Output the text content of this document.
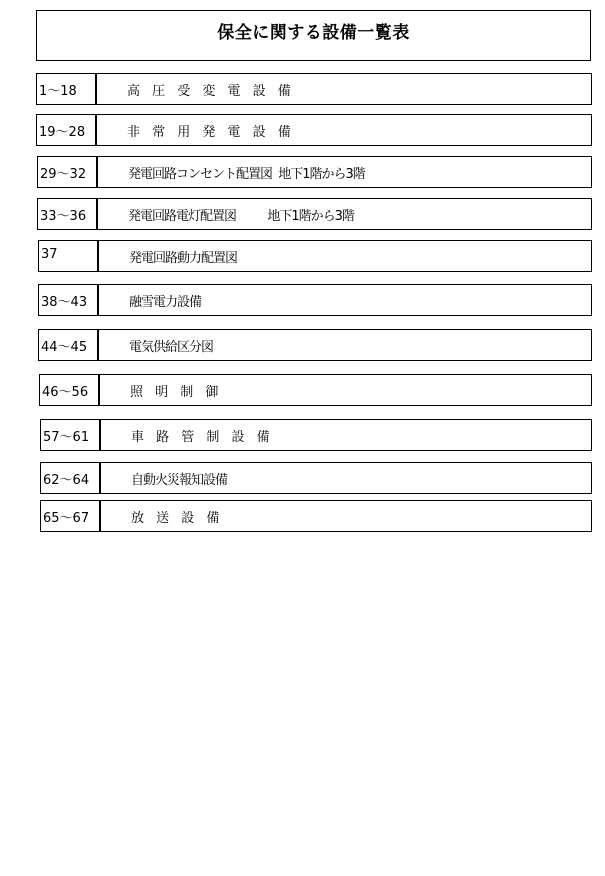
保全に関する設備一覧表
1～18	高 圧 受 変 電 設 備
19～28	非 常 用 発 電 設 備
29～32	発電回路コンセント配置図  地下1階から3階
33～36	発電回路電灯配置図          地下1階から3階
37	発電回路動力配置図
38～43	融雪電力設備
44～45	電気供給区分図
46～56	照 明 制 御
57～61	車 路 管 制 設 備
62～64	自動火災報知設備
65～67	放 送 設 備
